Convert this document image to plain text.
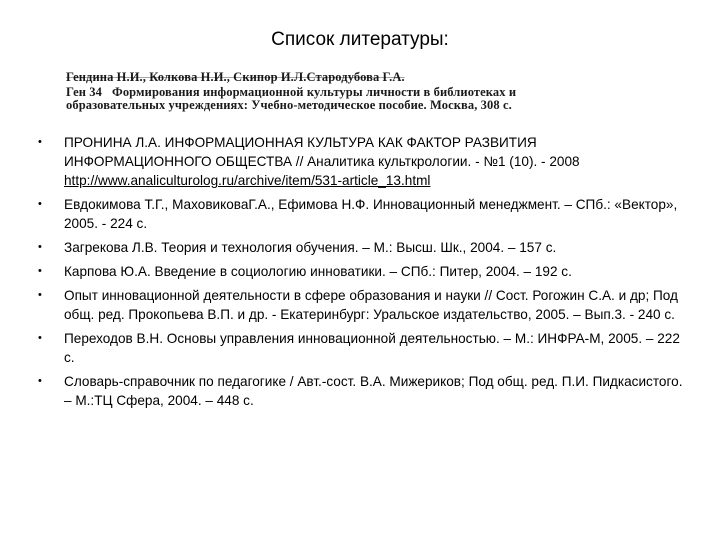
Список литературы:
Гендина Н.И., Колкова Н.И., Скипор И.Л.Стародубова Г.А.
Ген 34 Формирования информационной культуры личности в библиотеках и
образовательных учреждениях: Учебно-методическое пособие. Москва, 308 с.
•	ПРОНИНА Л.А. ИНФОРМАЦИОННАЯ КУЛЬТУРА КАК ФАКТОР РАЗВИТИЯ ИНФОРМАЦИОННОГО ОБЩЕСТВА // Аналитика культкрологии. - №1 (10). - 2008 http://www.analiculturolog.ru/archive/item/531-article_13.html
•	Евдокимова Т.Г., МаховиковаГ.А., Ефимова Н.Ф. Инновационный менеджмент. – СПб.: «Вектор», 2005. - 224 с.
•	Загрекова Л.В. Теория и технология обучения. – М.: Высш. Шк., 2004. – 157 с.
•	Карпова Ю.А. Введение в социологию инноватики. – СПб.: Питер, 2004. – 192 с.
•	Опыт инновационной деятельности в сфере образования и науки // Сост. Рогожин С.А. и др; Под общ. ред. Прокопьева В.П. и др. - Екатеринбург: Уральское издательство, 2005. – Вып.3. - 240 с.
•	Переходов В.Н. Основы управления инновационной деятельностью. – М.: ИНФРА-М, 2005. – 222 с.
•	Словарь-справочник по педагогике / Авт.-сост. В.А. Мижериков; Под общ. ред. П.И. Пидкасистого. – М.:ТЦ Сфера, 2004. – 448 с.
